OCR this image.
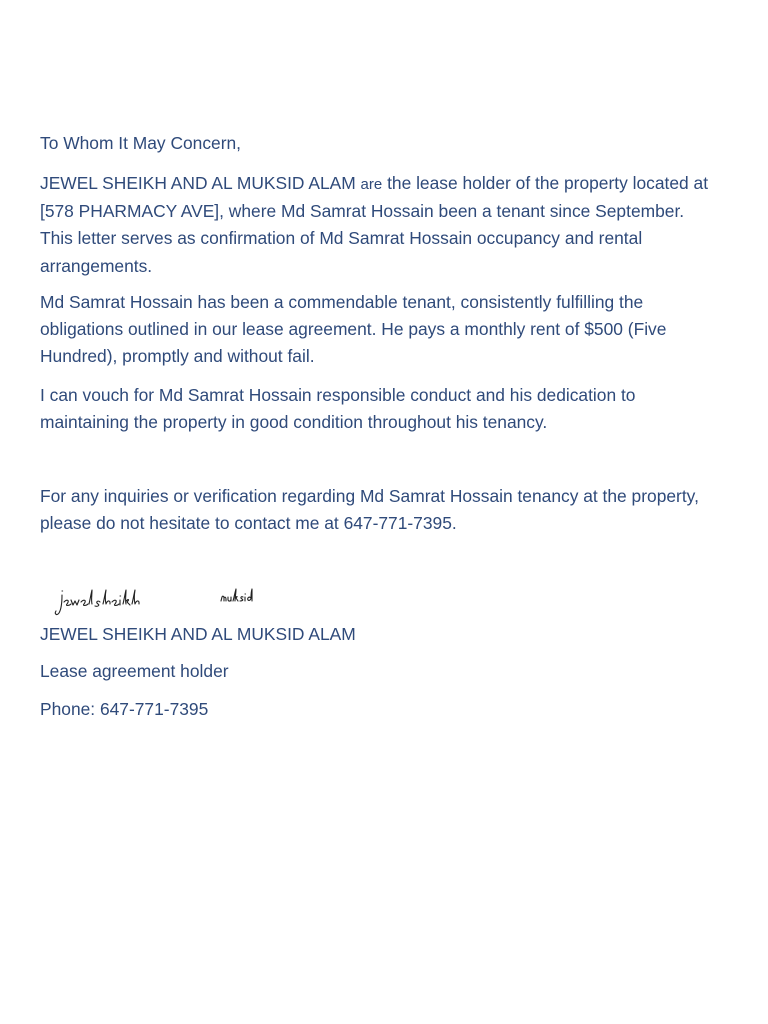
To Whom It May Concern,

JEWEL SHEIKH AND AL MUKSID ALAM are the lease holder of the property located at [578 PHARMACY AVE], where Md Samrat Hossain been a tenant since September. This letter serves as confirmation of Md Samrat Hossain occupancy and rental arrangements.

Md Samrat Hossain has been a commendable tenant, consistently fulfilling the obligations outlined in our lease agreement. He pays a monthly rent of $500 (Five Hundred), promptly and without fail.

I can vouch for Md Samrat Hossain responsible conduct and his dedication to maintaining the property in good condition throughout his tenancy.

For any inquiries or verification regarding Md Samrat Hossain tenancy at the property, please do not hesitate to contact me at 647-771-7395.

JEWEL SHEIKH AND AL MUKSID ALAM

Lease agreement holder

Phone: 647-771-7395
